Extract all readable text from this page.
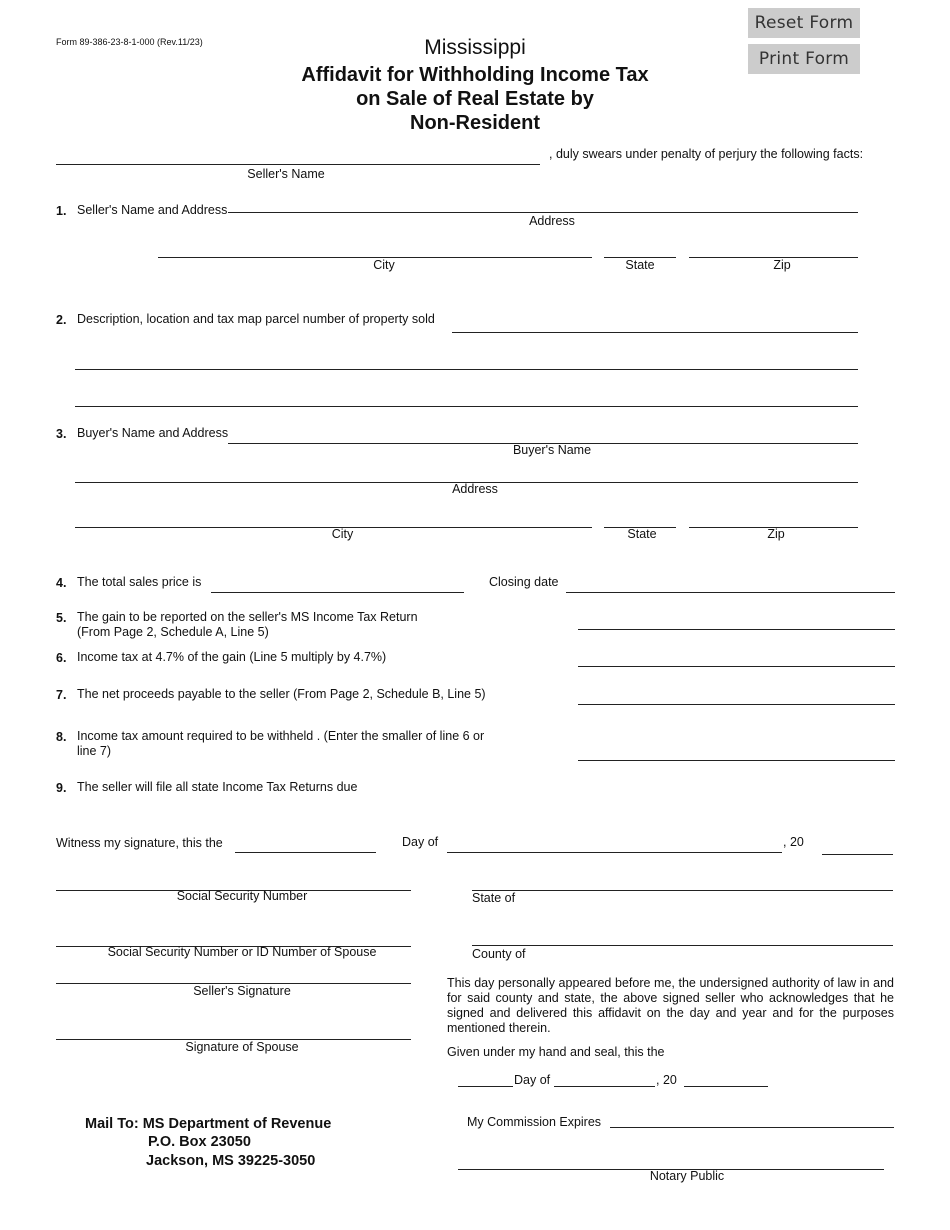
Form 89-386-23-8-1-000 (Rev.11/23)	Mississippi
Affidavit for Withholding Income Tax
on Sale of Real Estate by
Non-Resident
Reset Form
Print Form
, duly swears under penalty of perjury the following facts:
Seller's Name
1. Seller's Name and Address
Address
City	State	Zip
2. Description, location and tax map parcel number of property sold
3. Buyer's Name and Address
Buyer's Name
Address
City	State	Zip
4. The total sales price is	Closing date
5. The gain to be reported on the seller's MS Income Tax Return
(From Page 2, Schedule A, Line 5)
6. Income tax at 4.7% of the gain (Line 5 multiply by 4.7%)
7. The net proceeds payable to the seller (From Page 2, Schedule B, Line 5)
8. Income tax amount required to be withheld . (Enter the smaller of line 6 or
line 7)
9. The seller will file all state Income Tax Returns due
Witness my signature, this the	Day of	, 20
Social Security Number
Social Security Number or ID Number of Spouse
Seller's Signature
Signature of Spouse
State of
County of
This day personally appeared before me, the undersigned authority of law in and for said county and state, the above signed seller who acknowledges that he signed and delivered this affidavit on the day and year and for the purposes mentioned therein.
Given under my hand and seal, this the
Day of	, 20
My Commission Expires
Notary Public
Mail To: MS Department of Revenue
P.O. Box 23050
Jackson, MS 39225-3050
